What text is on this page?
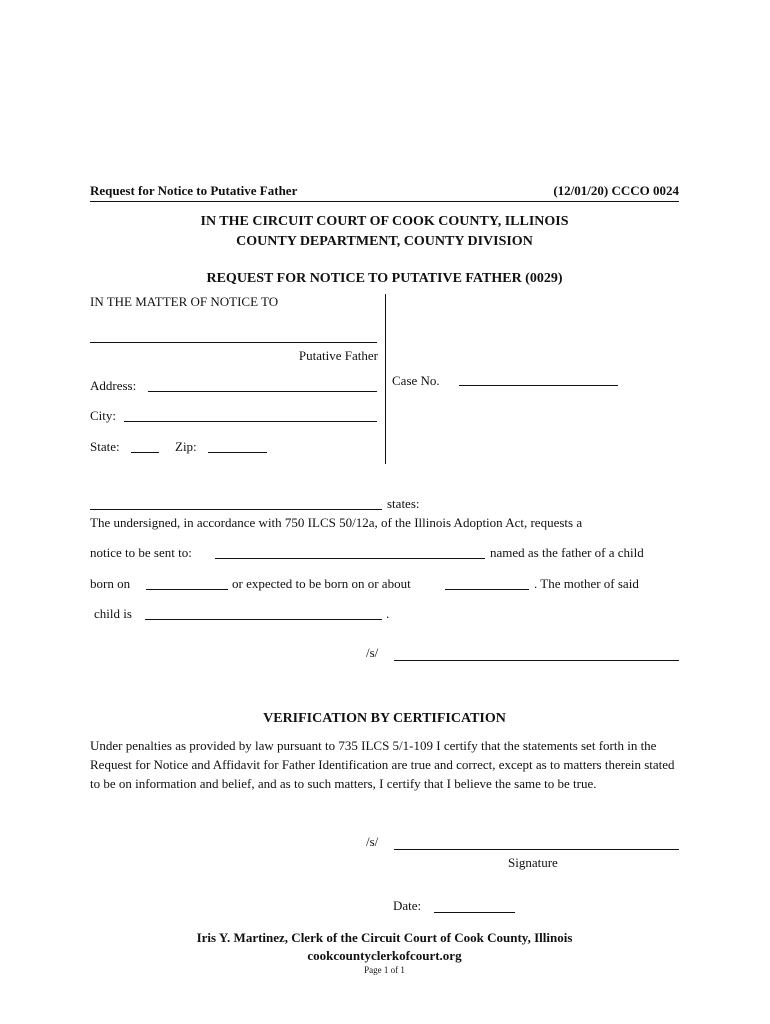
Request for Notice to Putative Father	(12/01/20) CCCO 0024
IN THE CIRCUIT COURT OF COOK COUNTY, ILLINOIS
COUNTY DEPARTMENT, COUNTY DIVISION
REQUEST FOR NOTICE TO PUTATIVE FATHER (0029)
IN THE MATTER OF NOTICE TO
Putative Father
Address:
City:
State:	Zip:
Case No.
states:
The undersigned, in accordance with 750 ILCS 50/12a, of the Illinois Adoption Act, requests a
notice to be sent to:	named as the father of a child
born on	or expected to be born on or about	. The mother of said
child is	.
/s/
VERIFICATION BY CERTIFICATION
Under penalties as provided by law pursuant to 735 ILCS 5/1-109 I certify that the statements set forth in the Request for Notice and Affidavit for Father Identification are true and correct, except as to matters therein stated to be on information and belief, and as to such matters, I certify that I believe the same to be true.
/s/
Signature
Date:
Iris Y. Martinez, Clerk of the Circuit Court of Cook County, Illinois
cookcountyclerkofcourt.org
Page 1 of 1
